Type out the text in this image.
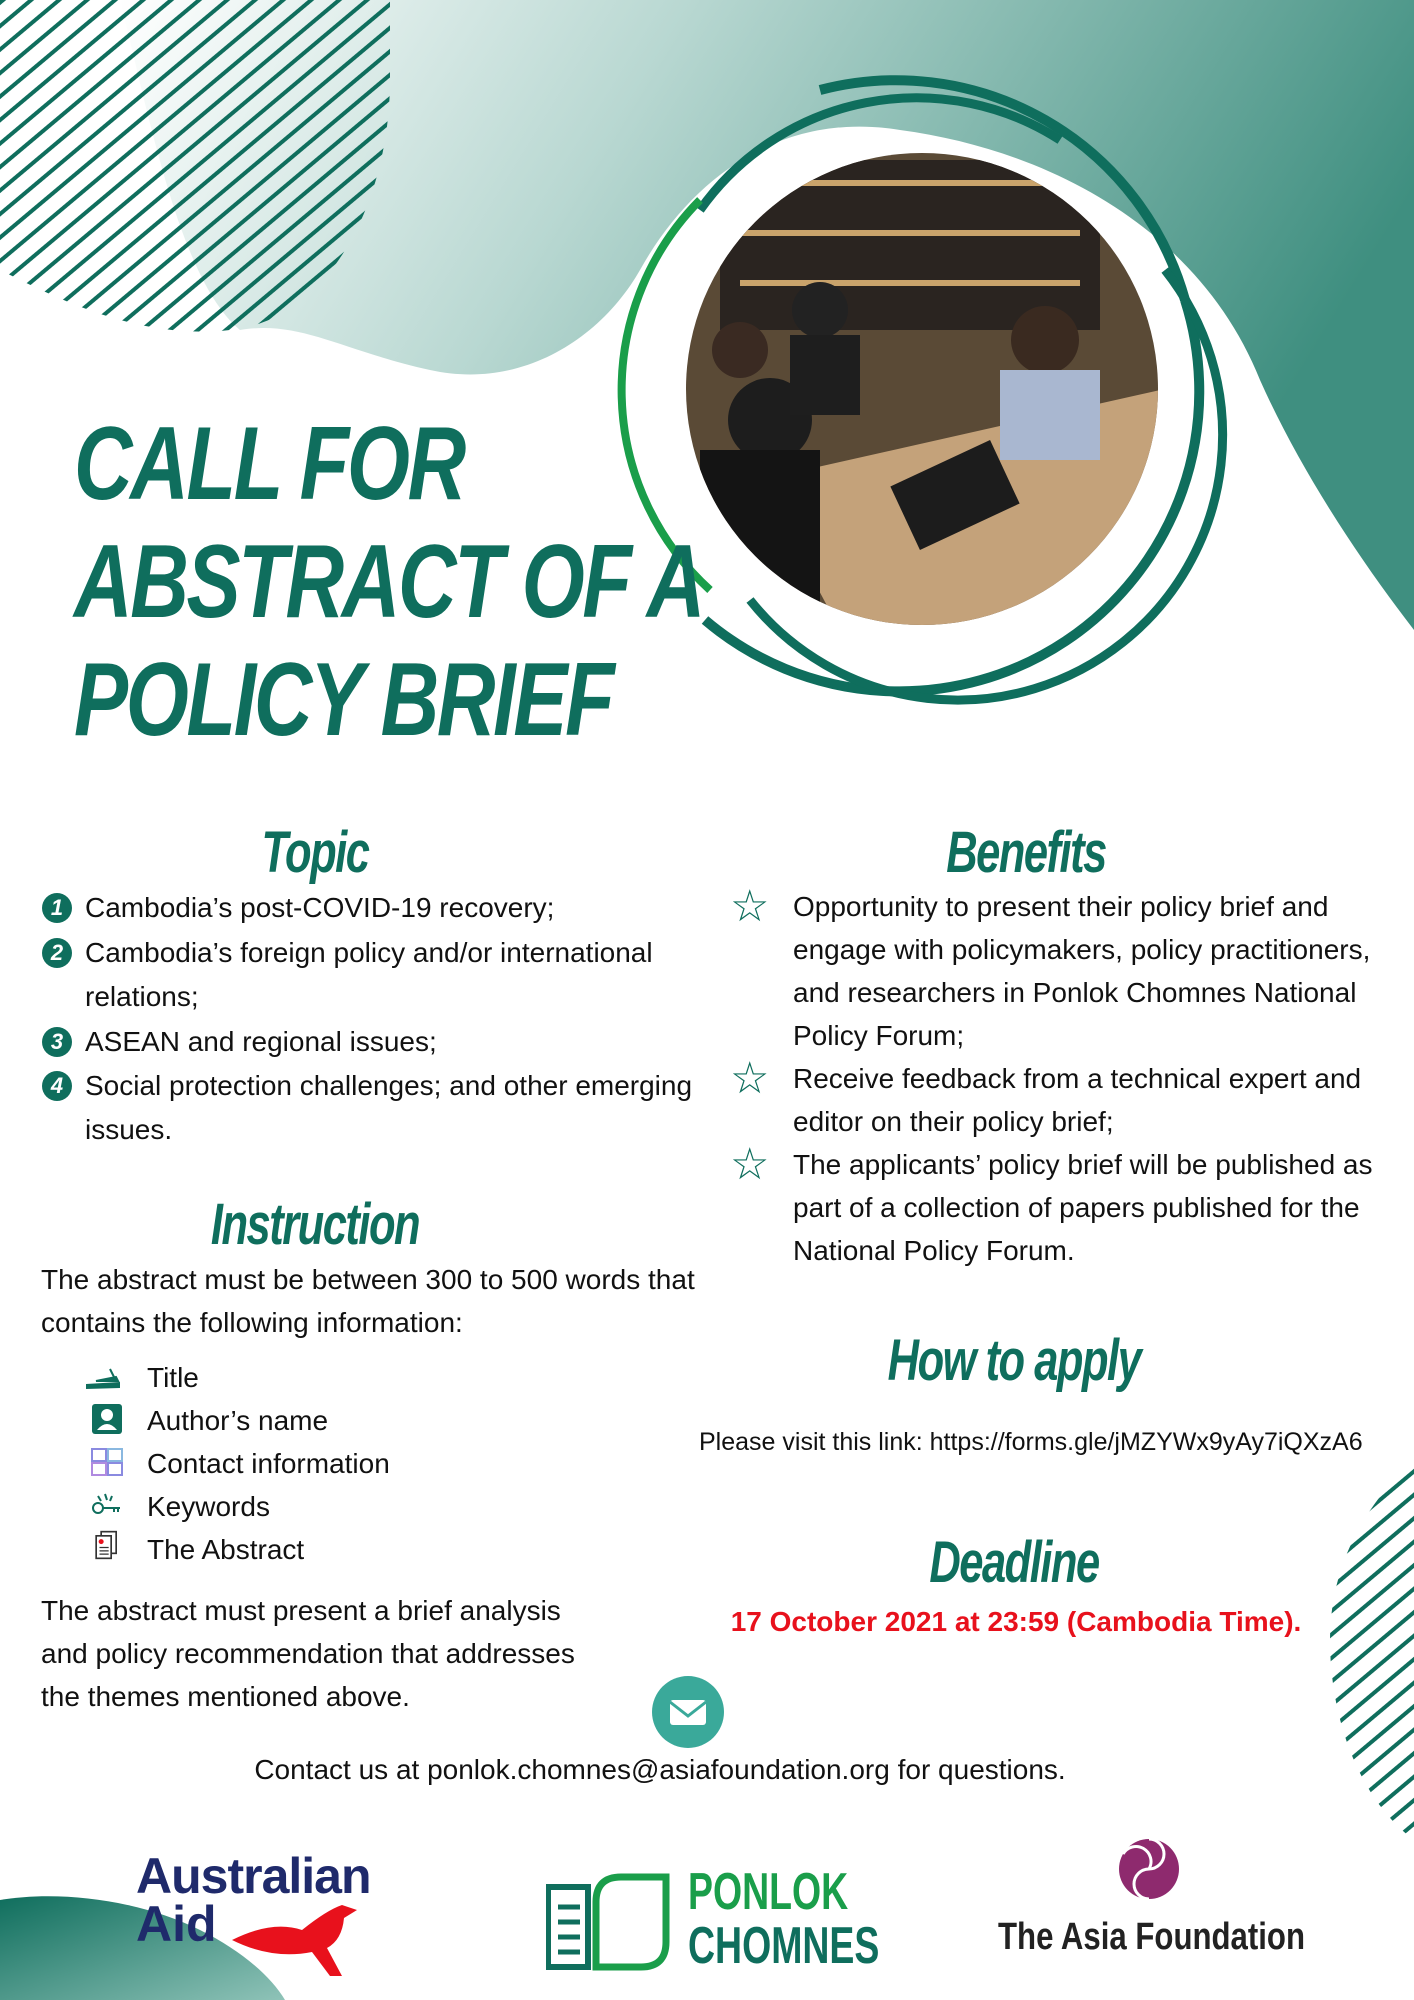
CALL FOR
ABSTRACT OF A
POLICY BRIEF
Topic
1 Cambodia’s post-COVID-19 recovery;
2 Cambodia’s foreign policy and/or international
relations;
3 ASEAN and regional issues;
4 Social protection challenges; and other emerging
issues.
Benefits
☆ Opportunity to present their policy brief and
engage with policymakers, policy practitioners,
and researchers in Ponlok Chomnes National
Policy Forum;
☆ Receive feedback from a technical expert and
editor on their policy brief;
☆ The applicants’ policy brief will be published as
part of a collection of papers published for the
National Policy Forum.
Instruction
The abstract must be between 300 to 500 words that
contains the following information:
Title
Author’s name
Contact information
Keywords
The Abstract
The abstract must present a brief analysis
and policy recommendation that addresses
the themes mentioned above.
How to apply
Please visit this link: https://forms.gle/jMZYWx9yAy7iQXzA6
Deadline
17 October 2021 at 23:59 (Cambodia Time).
Contact us at ponlok.chomnes@asiafoundation.org for questions.
Australian
Aid
PONLOK
CHOMNES	The Asia Foundation
